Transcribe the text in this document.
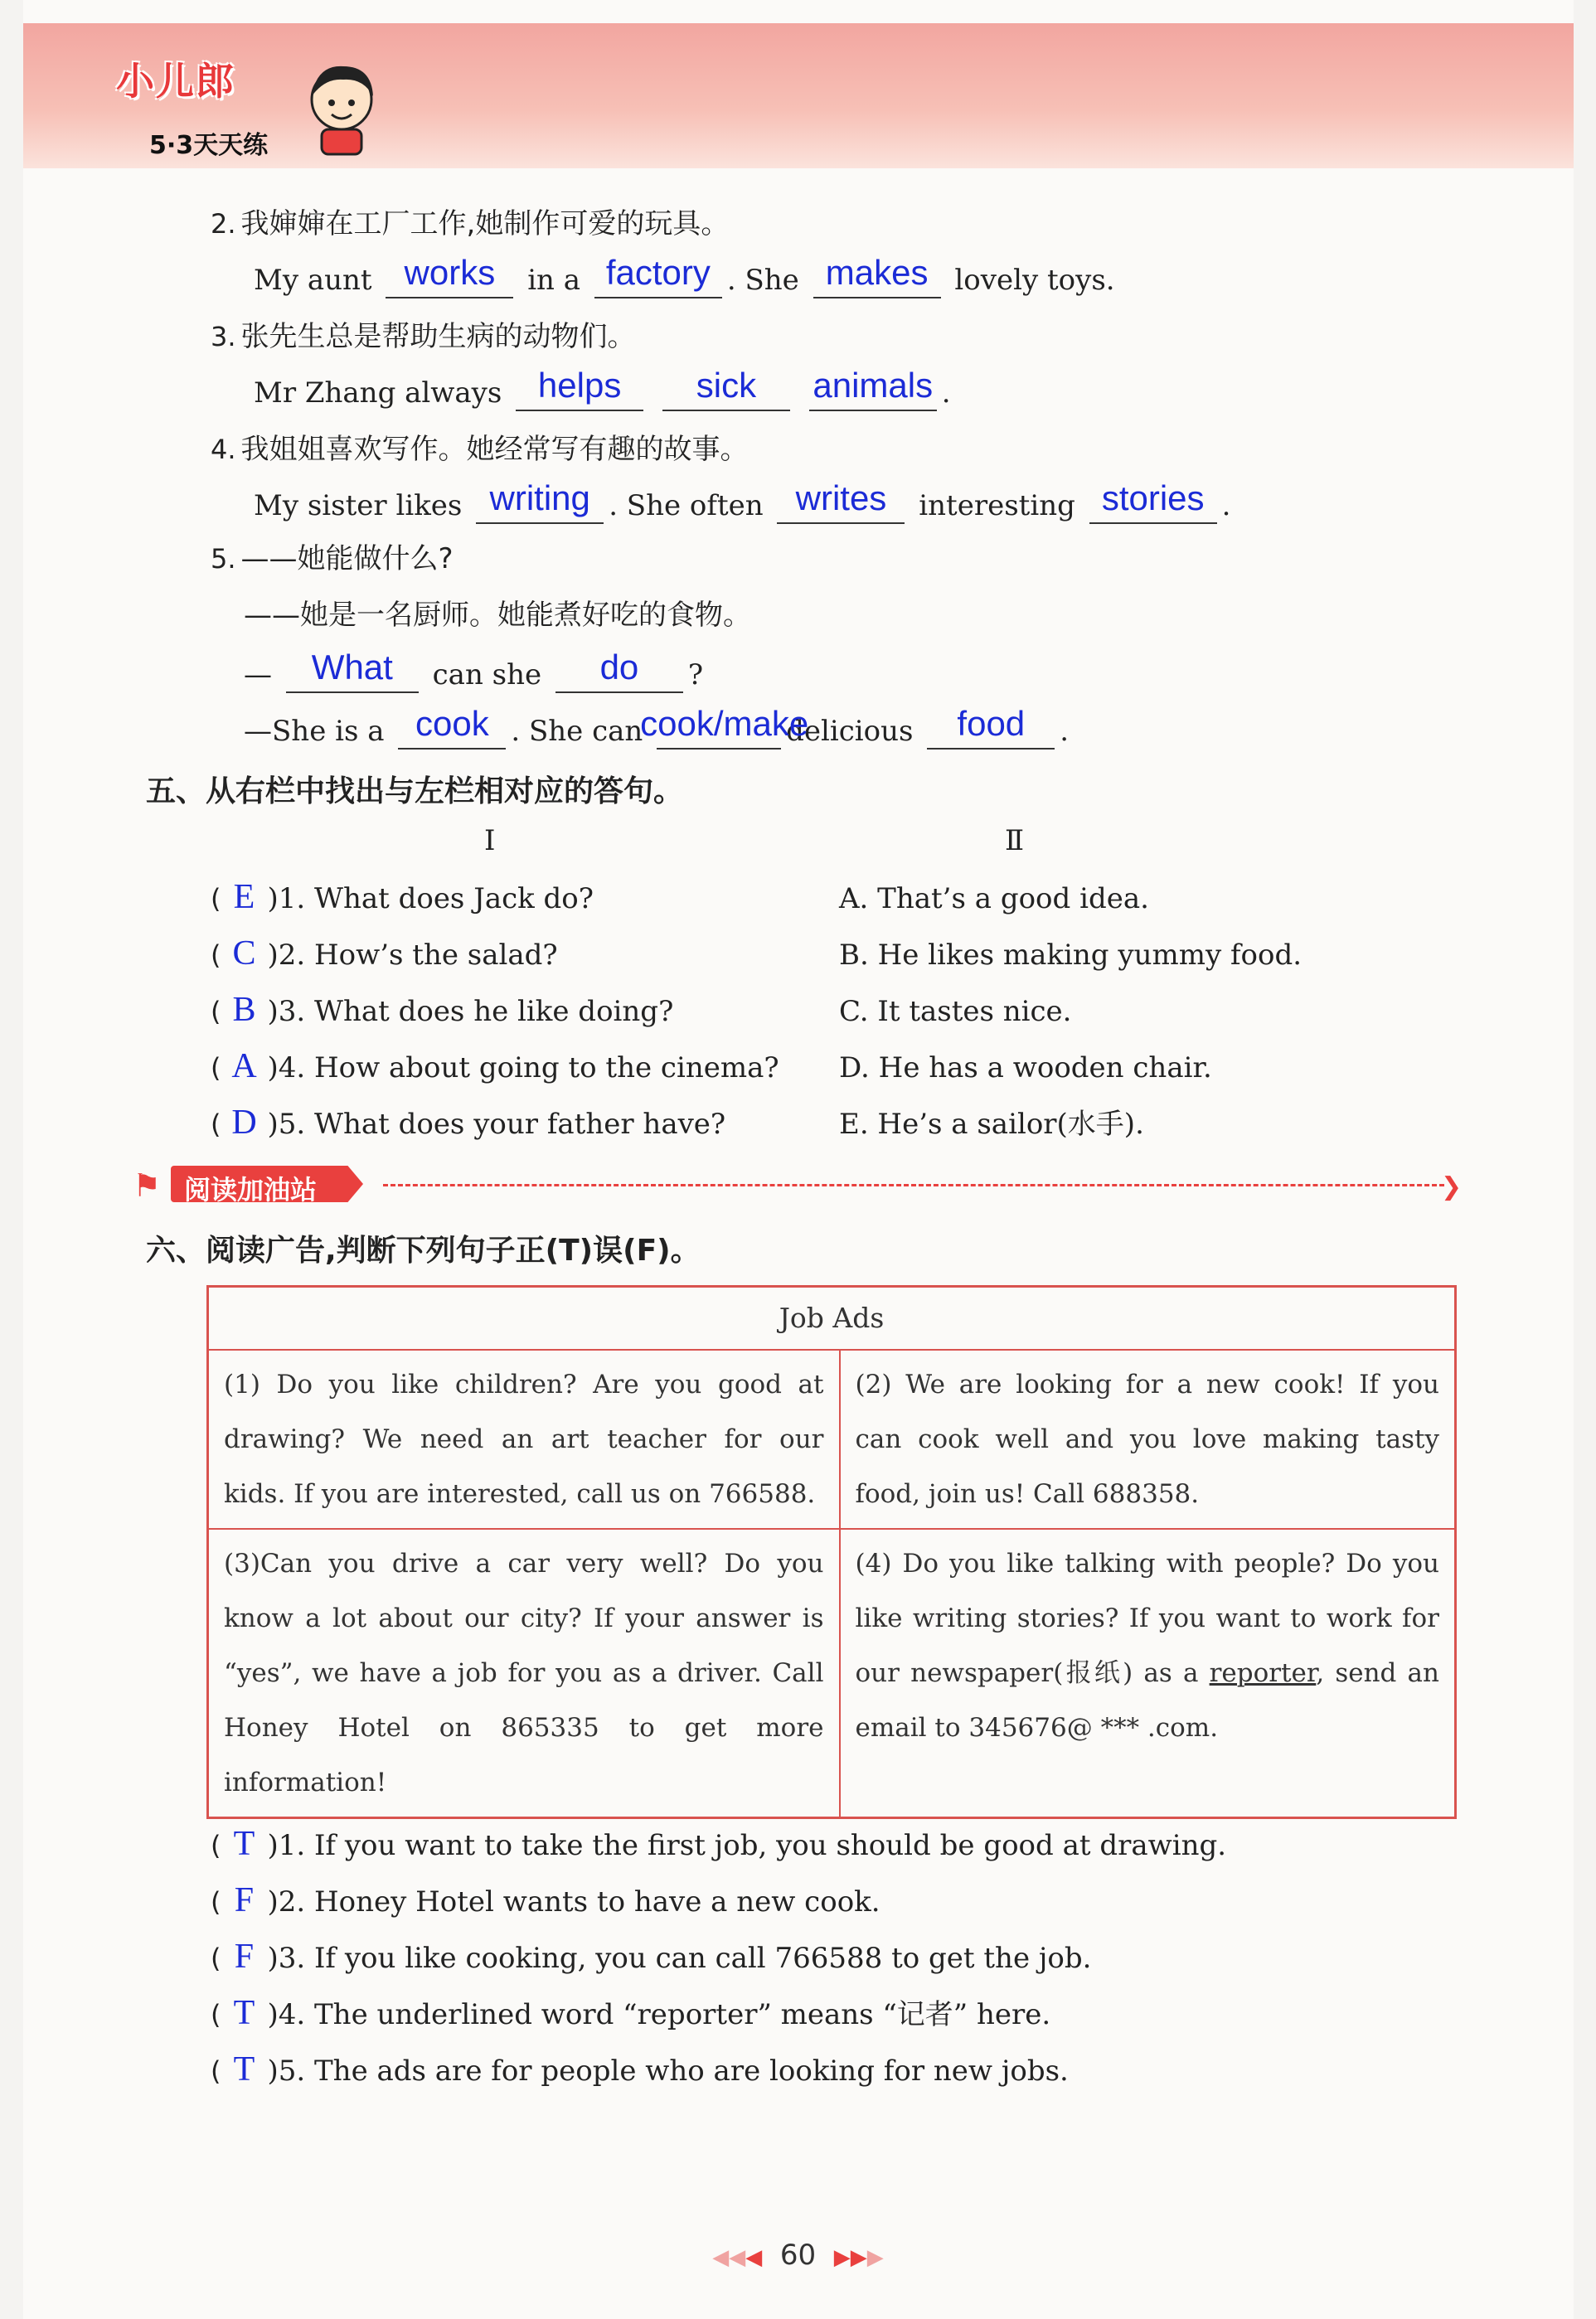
小儿郎
5·3天天练
2. 我婶婶在工厂工作,她制作可爱的玩具。
My aunt works	in a factory . She makes lovely toys.
3. 张先生总是帮助生病的动物们。
Mr Zhang always	helps
	sick
	animals .
4. 我姐姐喜欢写作。她经常写有趣的故事。
My sister likes writing . She often writes	interesting stories .
5. ——她能做什么?
——她是一名厨师。她能煮好吃的食物。
—	What	can she	do	?
—She is a cook . She can
cook/make
delicious	food	.
五、从右栏中找出与左栏相对应的答句。
Ⅰ	Ⅱ
( E )1. What does Jack do?	A. That’s a good idea.
( C )2. How’s the salad?	B. He likes making yummy food.
( B )3. What does he like doing?	C. It tastes nice.
( A )4. How about going to the cinema? D. He has a wooden chair.
( D )5. What does your father have?	E. He’s a sailor(水手).
⚑ 阅读加油站	❯
六、阅读广告,判断下列句子正(T)误(F)。
Job Ads	
(1) Do you like children? Are you good at drawing? We need an art teacher for our kids. If you are interested, call us on 766588.	(2) We are looking for a new cook! If you can cook well and you love making tasty food, join us! Call 688358.
(3)Can you drive a car very well? Do you know a lot about our city? If your answer is “yes”, we have a job for you as a driver. Call Honey Hotel on 865335 to get more information!	(4) Do you like talking with people? Do you like writing stories? If you want to work for our newspaper(报纸) as a reporter, send an email to 345676@ *** .com.
( T )1. If you want to take the first job, you should be good at drawing.
( F )2. Honey Hotel wants to have a new cook.
( F )3. If you like cooking, you can call 766588 to get the job.
( T )4. The underlined word “reporter” means “记者” here.
( T )5. The ads are for people who are looking for new jobs.
◀◀◀ 60 ▶▶▶
